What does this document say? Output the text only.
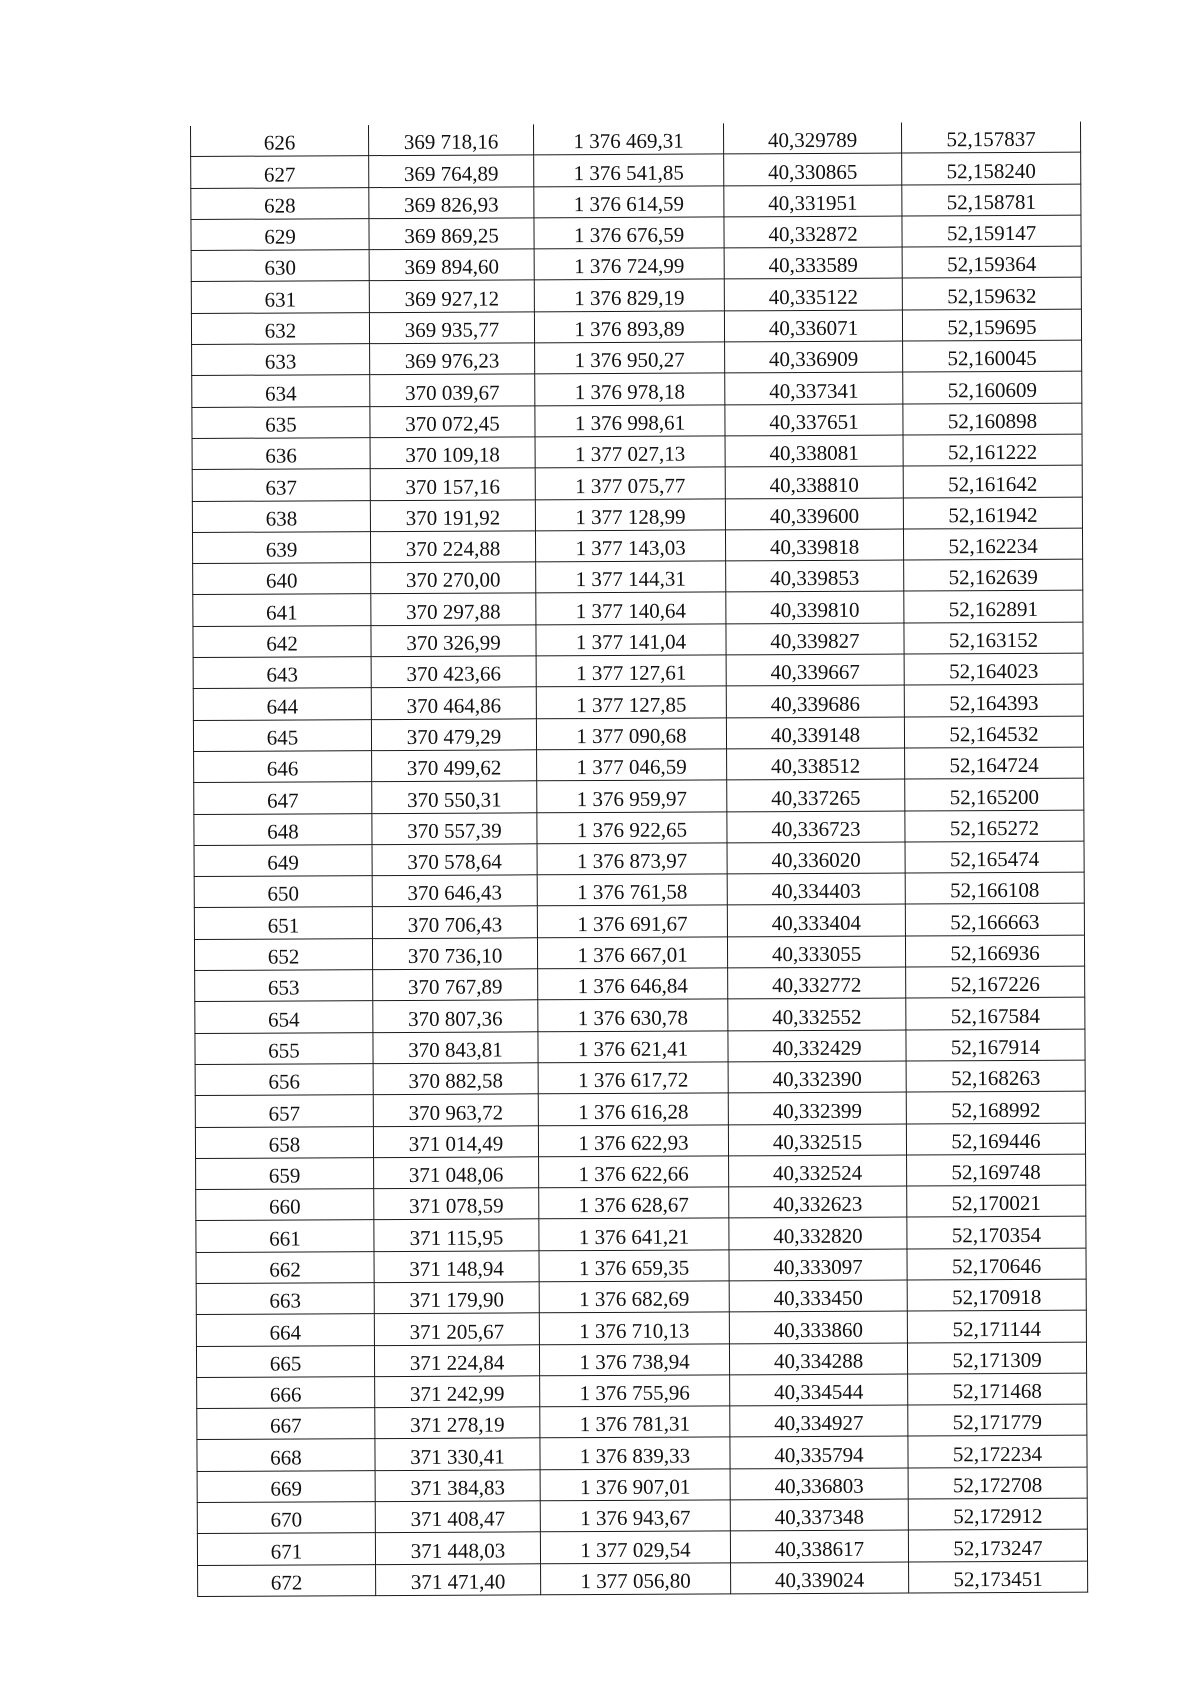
626	369 718,16	1 376 469,31	40,329789	52,157837
627	369 764,89	1 376 541,85	40,330865	52,158240
628	369 826,93	1 376 614,59	40,331951	52,158781
629	369 869,25	1 376 676,59	40,332872	52,159147
630	369 894,60	1 376 724,99	40,333589	52,159364
631	369 927,12	1 376 829,19	40,335122	52,159632
632	369 935,77	1 376 893,89	40,336071	52,159695
633	369 976,23	1 376 950,27	40,336909	52,160045
634	370 039,67	1 376 978,18	40,337341	52,160609
635	370 072,45	1 376 998,61	40,337651	52,160898
636	370 109,18	1 377 027,13	40,338081	52,161222
637	370 157,16	1 377 075,77	40,338810	52,161642
638	370 191,92	1 377 128,99	40,339600	52,161942
639	370 224,88	1 377 143,03	40,339818	52,162234
640	370 270,00	1 377 144,31	40,339853	52,162639
641	370 297,88	1 377 140,64	40,339810	52,162891
642	370 326,99	1 377 141,04	40,339827	52,163152
643	370 423,66	1 377 127,61	40,339667	52,164023
644	370 464,86	1 377 127,85	40,339686	52,164393
645	370 479,29	1 377 090,68	40,339148	52,164532
646	370 499,62	1 377 046,59	40,338512	52,164724
647	370 550,31	1 376 959,97	40,337265	52,165200
648	370 557,39	1 376 922,65	40,336723	52,165272
649	370 578,64	1 376 873,97	40,336020	52,165474
650	370 646,43	1 376 761,58	40,334403	52,166108
651	370 706,43	1 376 691,67	40,333404	52,166663
652	370 736,10	1 376 667,01	40,333055	52,166936
653	370 767,89	1 376 646,84	40,332772	52,167226
654	370 807,36	1 376 630,78	40,332552	52,167584
655	370 843,81	1 376 621,41	40,332429	52,167914
656	370 882,58	1 376 617,72	40,332390	52,168263
657	370 963,72	1 376 616,28	40,332399	52,168992
658	371 014,49	1 376 622,93	40,332515	52,169446
659	371 048,06	1 376 622,66	40,332524	52,169748
660	371 078,59	1 376 628,67	40,332623	52,170021
661	371 115,95	1 376 641,21	40,332820	52,170354
662	371 148,94	1 376 659,35	40,333097	52,170646
663	371 179,90	1 376 682,69	40,333450	52,170918
664	371 205,67	1 376 710,13	40,333860	52,171144
665	371 224,84	1 376 738,94	40,334288	52,171309
666	371 242,99	1 376 755,96	40,334544	52,171468
667	371 278,19	1 376 781,31	40,334927	52,171779
668	371 330,41	1 376 839,33	40,335794	52,172234
669	371 384,83	1 376 907,01	40,336803	52,172708
670	371 408,47	1 376 943,67	40,337348	52,172912
671	371 448,03	1 377 029,54	40,338617	52,173247
672	371 471,40	1 377 056,80	40,339024	52,173451
